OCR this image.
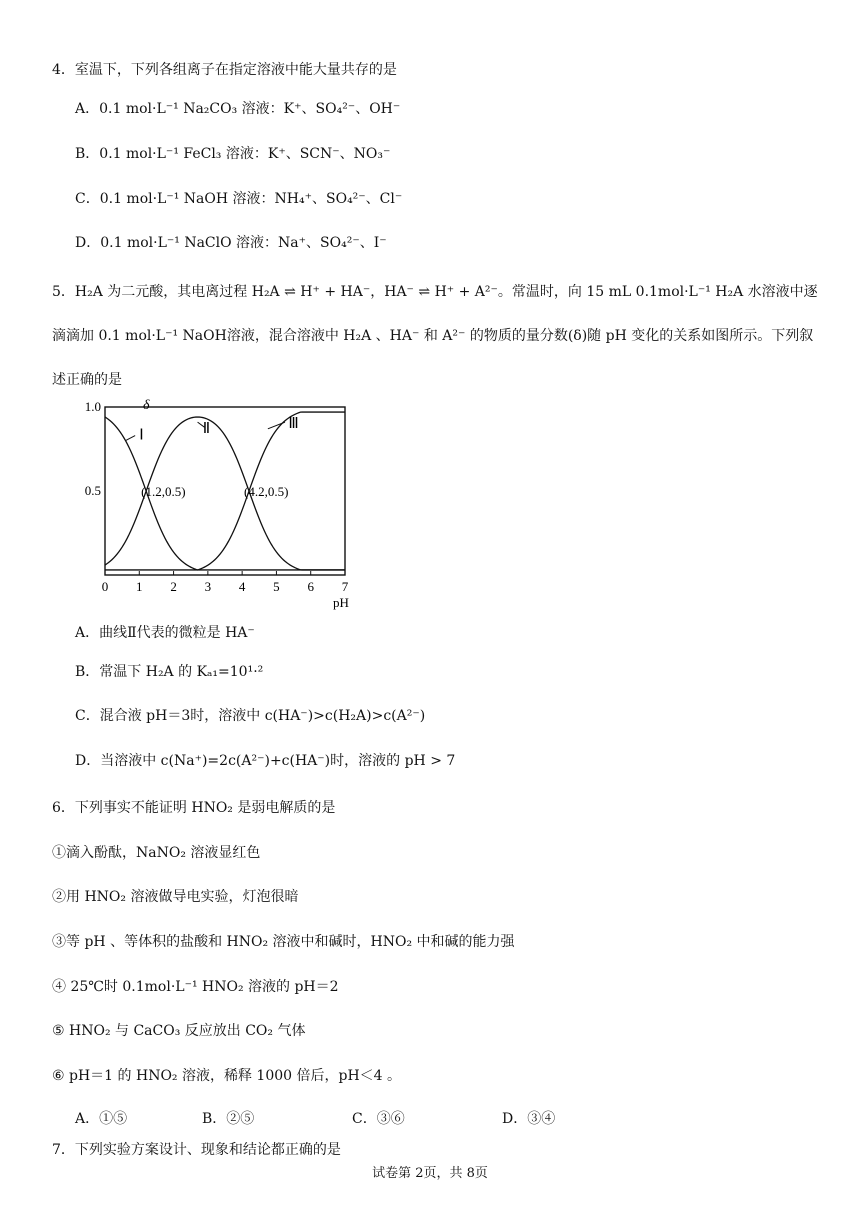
4．室温下，下列各组离子在指定溶液中能大量共存的是
A．0.1 mol·L⁻¹ Na₂CO₃ 溶液：K⁺、SO₄²⁻、OH⁻
B．0.1 mol·L⁻¹ FeCl₃ 溶液：K⁺、SCN⁻、NO₃⁻
C．0.1 mol·L⁻¹ NaOH 溶液：NH₄⁺、SO₄²⁻、Cl⁻
D．0.1 mol·L⁻¹ NaClO 溶液：Na⁺、SO₄²⁻、I⁻
5．H₂A 为二元酸，其电离过程 H₂A ⇌ H⁺ + HA⁻，HA⁻ ⇌ H⁺ + A²⁻。常温时，向 15 mL 0.1mol·L⁻¹ H₂A 水溶液中逐滴滴加 0.1 mol·L⁻¹ NaOH溶液，混合溶液中 H₂A 、HA⁻ 和 A²⁻ 的物质的量分数(δ)随 pH 变化的关系如图所示。下列叙述正确的是
0 1 2 3 4 5 6 7
0.5
1.0	δ
pH
Ⅰ	Ⅱ	Ⅲ
(1.2,0.5)	(4.2,0.5)
A．曲线Ⅱ代表的微粒是 HA⁻
B．常温下 H₂A 的 Kₐ₁=10¹·²
C．混合液 pH＝3时，溶液中 c(HA⁻)>c(H₂A)>c(A²⁻)
D．当溶液中 c(Na⁺)=2c(A²⁻)+c(HA⁻)时，溶液的 pH > 7
6．下列事实不能证明 HNO₂ 是弱电解质的是
①滴入酚酞，NaNO₂ 溶液显红色
②用 HNO₂ 溶液做导电实验，灯泡很暗
③等 pH 、等体积的盐酸和 HNO₂ 溶液中和碱时，HNO₂ 中和碱的能力强
④ 25℃时 0.1mol·L⁻¹ HNO₂ 溶液的 pH＝2
⑤ HNO₂ 与 CaCO₃ 反应放出 CO₂ 气体
⑥ pH＝1 的 HNO₂ 溶液，稀释 1000 倍后，pH＜4 。
A．①⑤	B．②⑤	C．③⑥	D．③④
7．下列实验方案设计、现象和结论都正确的是
试卷第 2页，共 8页
